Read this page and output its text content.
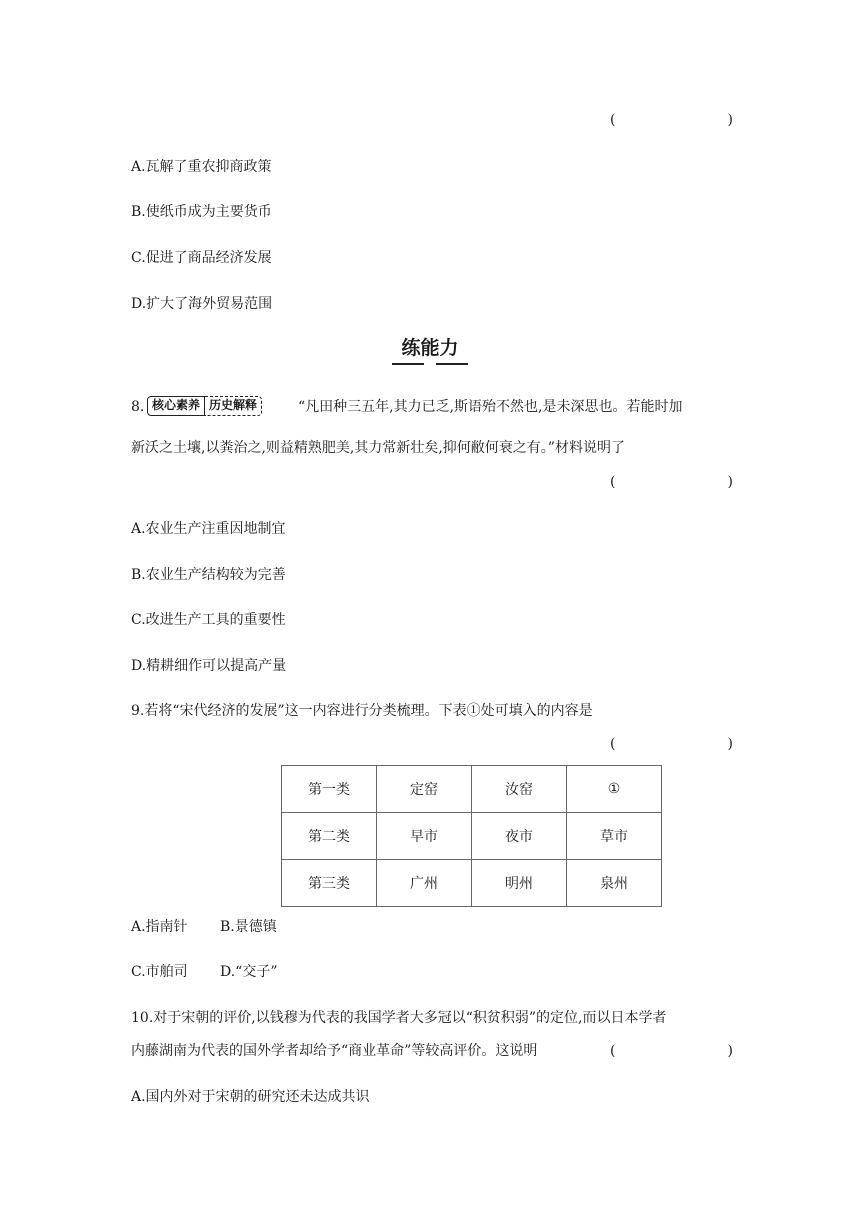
(　　　　　　　　)
A.瓦解了重农抑商政策
B.使纸币成为主要货币
C.促进了商品经济发展
D.扩大了海外贸易范围
练能力
8. 核心素养 历史解释	“凡田种三五年,其力已乏,斯语殆不然也,是未深思也。若能时加
新沃之土壤,以粪治之,则益精熟肥美,其力常新壮矣,抑何敝何衰之有。”材料说明了
(　　　　　　　　)
A.农业生产注重因地制宜
B.农业生产结构较为完善
C.改进生产工具的重要性
D.精耕细作可以提高产量
9.若将“宋代经济的发展”这一内容进行分类梳理。下表①处可填入的内容是
(　　　　　　　　)
第一类	定窑	汝窑	①
第二类	早市	夜市	草市
第三类	广州	明州	泉州
A.指南针 B.景德镇
C.市舶司 D.“交子”
10.对于宋朝的评价,以钱穆为代表的我国学者大多冠以“积贫积弱”的定位,而以日本学者
内藤湖南为代表的国外学者却给予“商业革命”等较高评价。这说明	(　　　　　　　　)
A.国内外对于宋朝的研究还未达成共识
